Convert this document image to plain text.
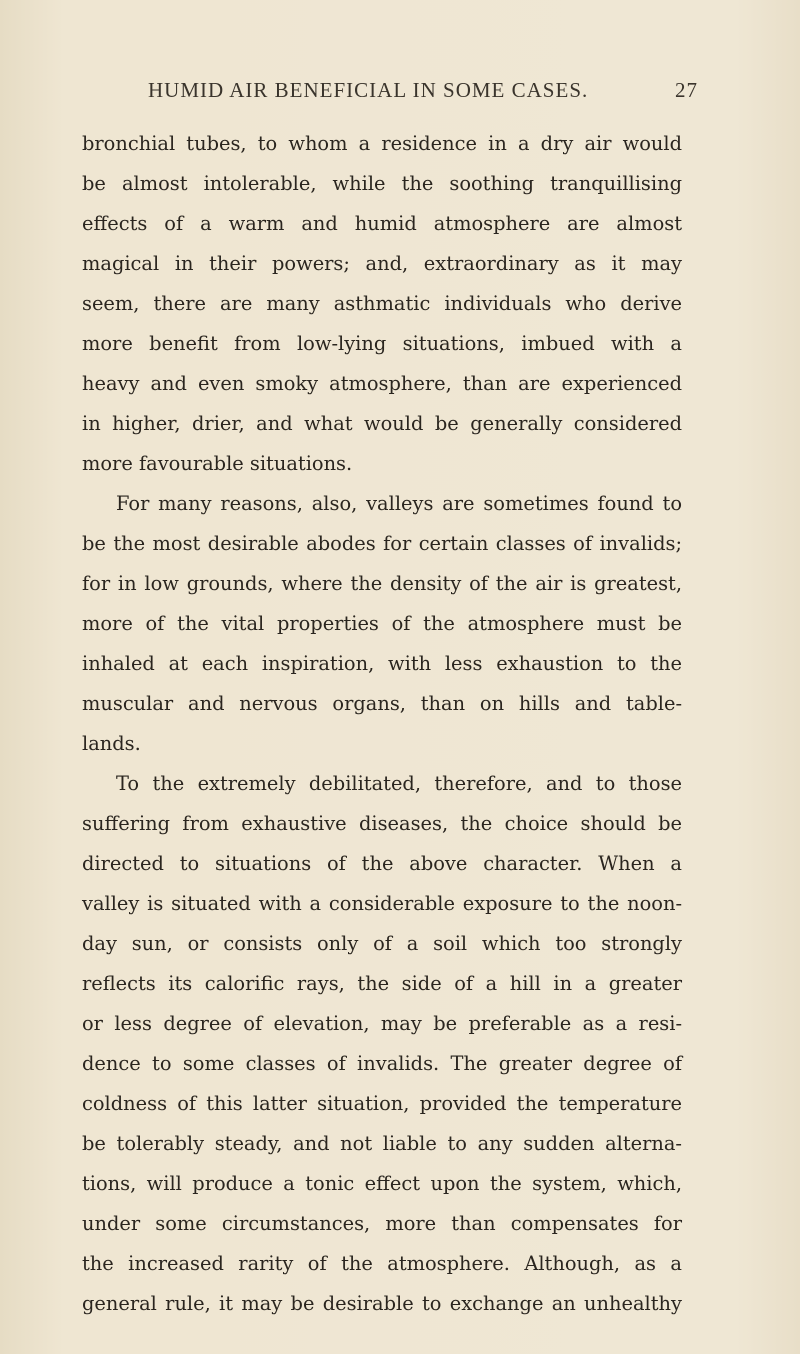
HUMID AIR BENEFICIAL IN SOME CASES.	27
bronchial tubes, to whom a residence in a dry air would
be almost intolerable, while the soothing tranquillising
effects of a warm and humid atmosphere are almost
magical in their powers; and, extraordinary as it may
seem, there are many asthmatic individuals who derive
more benefit from low-lying situations, imbued with a
heavy and even smoky atmosphere, than are experienced
in higher, drier, and what would be generally considered
more favourable situations.
For many reasons, also, valleys are sometimes found to
be the most desirable abodes for certain classes of invalids;
for in low grounds, where the density of the air is greatest,
more of the vital properties of the atmosphere must be
inhaled at each inspiration, with less exhaustion to the
muscular and nervous organs, than on hills and table-
lands.
To the extremely debilitated, therefore, and to those
suffering from exhaustive diseases, the choice should be
directed to situations of the above character. When a
valley is situated with a considerable exposure to the noon-
day sun, or consists only of a soil which too strongly
reflects its calorific rays, the side of a hill in a greater
or less degree of elevation, may be preferable as a resi-
dence to some classes of invalids. The greater degree of
coldness of this latter situation, provided the temperature
be tolerably steady, and not liable to any sudden alterna-
tions, will produce a tonic effect upon the system, which,
under some circumstances, more than compensates for
the increased rarity of the atmosphere. Although, as a
general rule, it may be desirable to exchange an unhealthy
